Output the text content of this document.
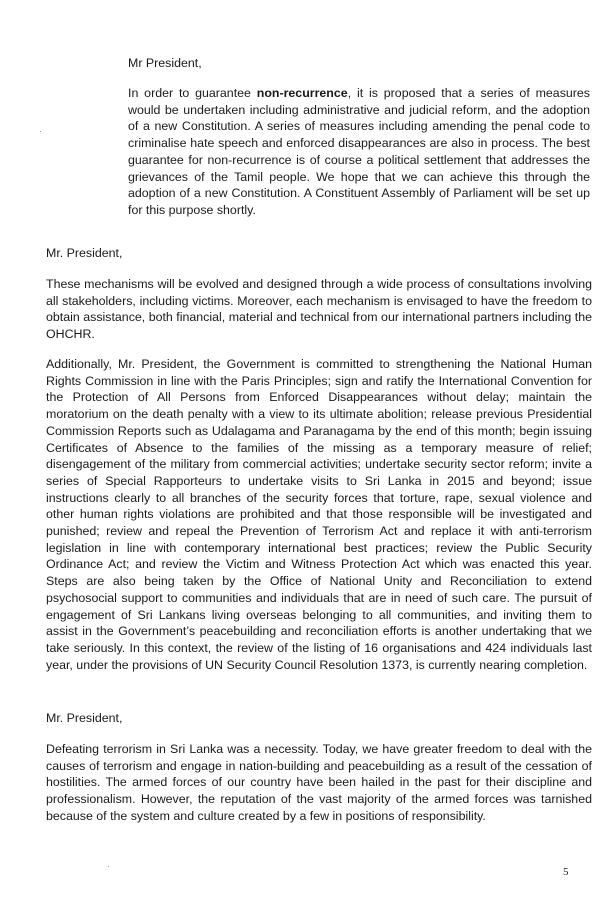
Mr President,

In order to guarantee non-recurrence, it is proposed that a series of measures would be undertaken including administrative and judicial reform, and the adoption of a new Constitution. A series of measures including amending the penal code to criminalise hate speech and enforced disappearances are also in process. The best guarantee for non-recurrence is of course a political settlement that addresses the grievances of the Tamil people. We hope that we can achieve this through the adoption of a new Constitution. A Constituent Assembly of Parliament will be set up for this purpose shortly.

Mr. President,

These mechanisms will be evolved and designed through a wide process of consultations involving all stakeholders, including victims. Moreover, each mechanism is envisaged to have the freedom to obtain assistance, both financial, material and technical from our international partners including the OHCHR.

Additionally, Mr. President, the Government is committed to strengthening the National Human Rights Commission in line with the Paris Principles; sign and ratify the International Convention for the Protection of All Persons from Enforced Disappearances without delay; maintain the moratorium on the death penalty with a view to its ultimate abolition; release previous Presidential Commission Reports such as Udalagama and Paranagama by the end of this month; begin issuing Certificates of Absence to the families of the missing as a temporary measure of relief; disengagement of the military from commercial activities; undertake security sector reform; invite a series of Special Rapporteurs to undertake visits to Sri Lanka in 2015 and beyond; issue instructions clearly to all branches of the security forces that torture, rape, sexual violence and other human rights violations are prohibited and that those responsible will be investigated and punished; review and repeal the Prevention of Terrorism Act and replace it with anti-terrorism legislation in line with contemporary international best practices; review the Public Security Ordinance Act; and review the Victim and Witness Protection Act which was enacted this year. Steps are also being taken by the Office of National Unity and Reconciliation to extend psychosocial support to communities and individuals that are in need of such care. The pursuit of engagement of Sri Lankans living overseas belonging to all communities, and inviting them to assist in the Government’s peacebuilding and reconciliation efforts is another undertaking that we take seriously. In this context, the review of the listing of 16 organisations and 424 individuals last year, under the provisions of UN Security Council Resolution 1373, is currently nearing completion.

Mr. President,

Defeating terrorism in Sri Lanka was a necessity. Today, we have greater freedom to deal with the causes of terrorism and engage in nation-building and peacebuilding as a result of the cessation of hostilities. The armed forces of our country have been hailed in the past for their discipline and professionalism. However, the reputation of the vast majority of the armed forces was tarnished because of the system and culture created by a few in positions of responsibility.

5
